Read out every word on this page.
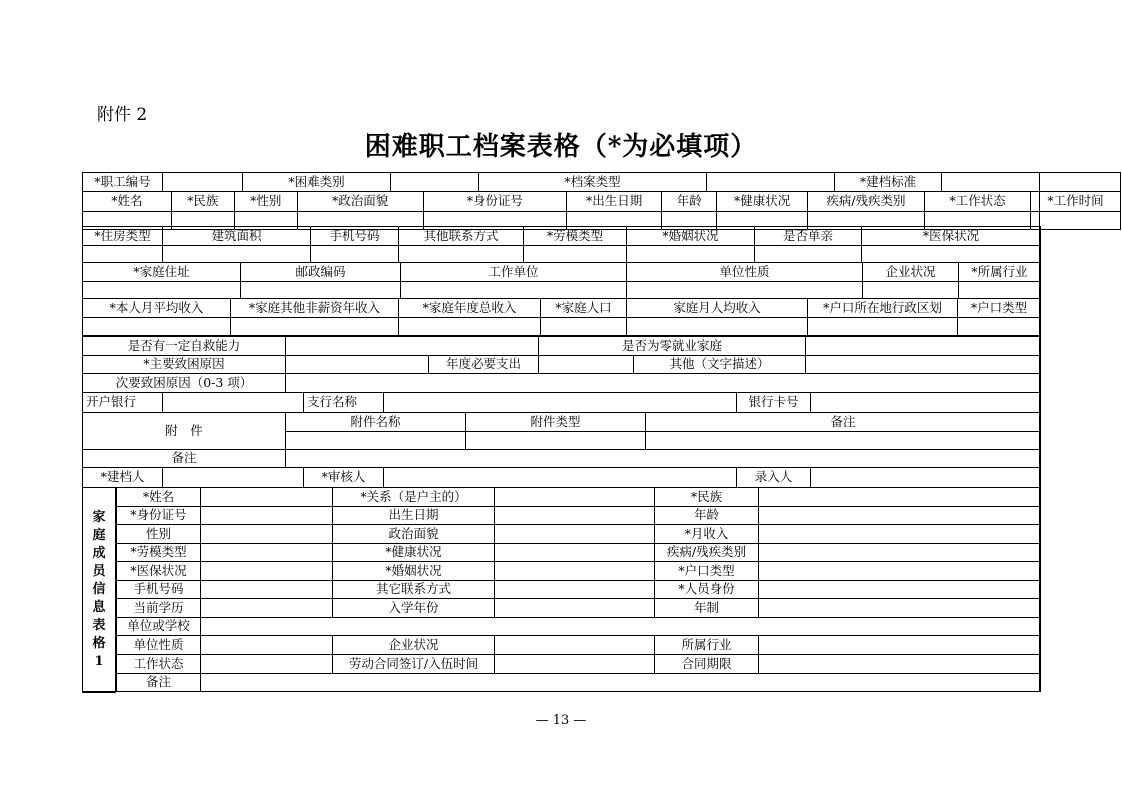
附件 2
困难职工档案表格（*为必填项）
*职工编号		*困难类别		*档案类型		*建档标准	

*姓名	*民族	*性别	*政治面貌	*身份证号	*出生日期	年龄	*健康状况	疾病/残疾类别	*工作状态	*工作时间

*住房类型	建筑面积	手机号码	其他联系方式	*劳模类型	*婚姻状况	是否单亲	*医保状况

*家庭住址	邮政编码	工作单位	单位性质	企业状况	*所属行业

*本人月平均收入	*家庭其他非薪资年收入	*家庭年度总收入	*家庭人口	家庭月人均收入	*户口所在地行政区划	*户口类型

是否有一定自救能力			是否为零就业家庭		
*主要致困原因		年度必要支出		其他（文字描述）	
次要致困原因（0-3 项）					
开户银行		支行名称		银行卡号	
附　件	附件名称	附件类型	备注

备注			
*建档人		*审核人		录入人	
家庭成员信息表格1
*姓名		*关系（是户主的）		*民族	
*身份证号		出生日期		年龄	
性别		政治面貌		*月收入	
*劳模类型		*健康状况		疾病/残疾类别	
*医保状况		*婚姻状况		*户口类型	
手机号码		其它联系方式		*人员身份	
当前学历		入学年份		年制	
单位或学校					
单位性质		企业状况		所属行业	
工作状态		劳动合同签订/入伍时间		合同期限	
备注					
— 13 —
